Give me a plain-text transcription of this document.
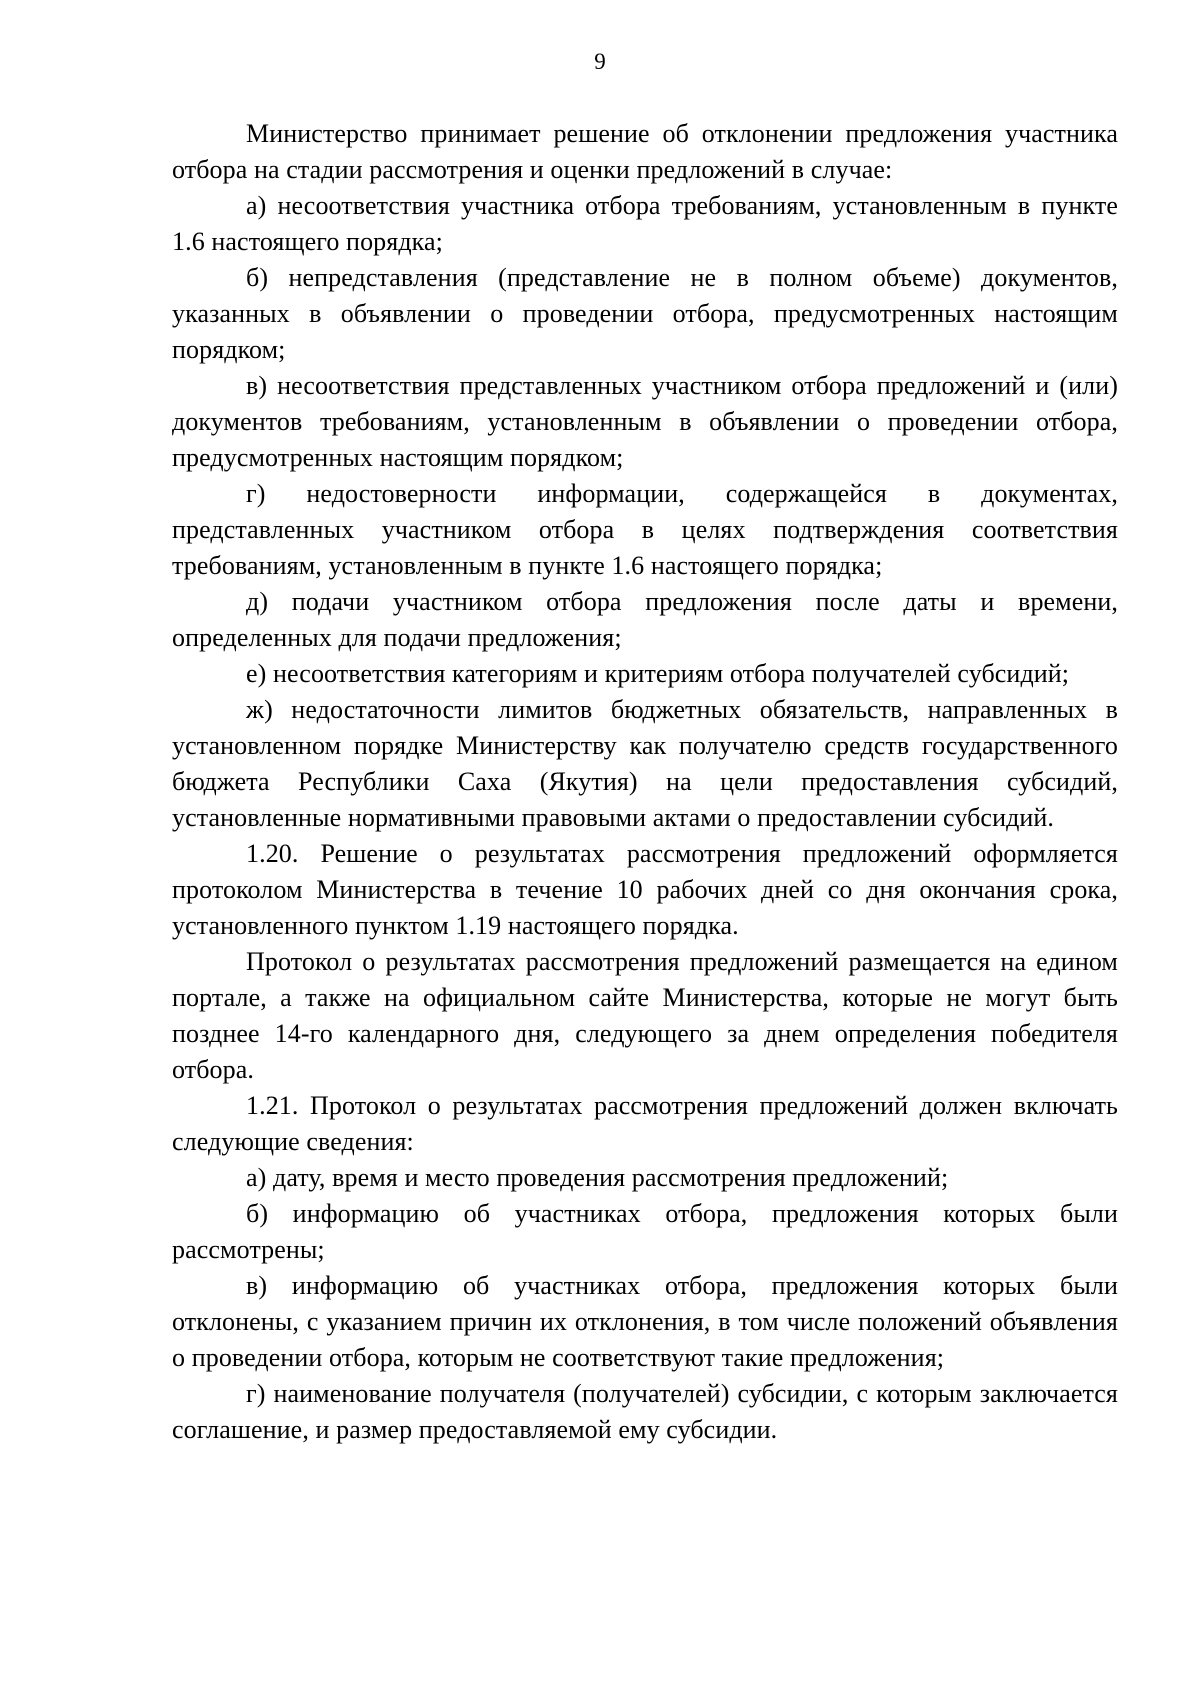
9

Министерство принимает решение об отклонении предложения участника отбора на стадии рассмотрения и оценки предложений в случае:

а) несоответствия участника отбора требованиям, установленным в пункте 1.6 настоящего порядка;

б) непредставления (представление не в полном объеме) документов, указанных в объявлении о проведении отбора, предусмотренных настоящим порядком;

в) несоответствия представленных участником отбора предложений и (или) документов требованиям, установленным в объявлении о проведении отбора, предусмотренных настоящим порядком;

г) недостоверности информации, содержащейся в документах, представленных участником отбора в целях подтверждения соответствия требованиям, установленным в пункте 1.6 настоящего порядка;

д) подачи участником отбора предложения после даты и времени, определенных для подачи предложения;

е) несоответствия категориям и критериям отбора получателей субсидий;

ж) недостаточности лимитов бюджетных обязательств, направленных в установленном порядке Министерству как получателю средств государственного бюджета Республики Саха (Якутия) на цели предоставления субсидий, установленные нормативными правовыми актами о предоставлении субсидий.

1.20. Решение о результатах рассмотрения предложений оформляется протоколом Министерства в течение 10 рабочих дней со дня окончания срока, установленного пунктом 1.19 настоящего порядка.

Протокол о результатах рассмотрения предложений размещается на едином портале, а также на официальном сайте Министерства, которые не могут быть позднее 14-го календарного дня, следующего за днем определения победителя отбора.

1.21. Протокол о результатах рассмотрения предложений должен включать следующие сведения:

а) дату, время и место проведения рассмотрения предложений;

б) информацию об участниках отбора, предложения которых были рассмотрены;

в) информацию об участниках отбора, предложения которых были отклонены, с указанием причин их отклонения, в том числе положений объявления о проведении отбора, которым не соответствуют такие предложения;

г) наименование получателя (получателей) субсидии, с которым заключается соглашение, и размер предоставляемой ему субсидии.
